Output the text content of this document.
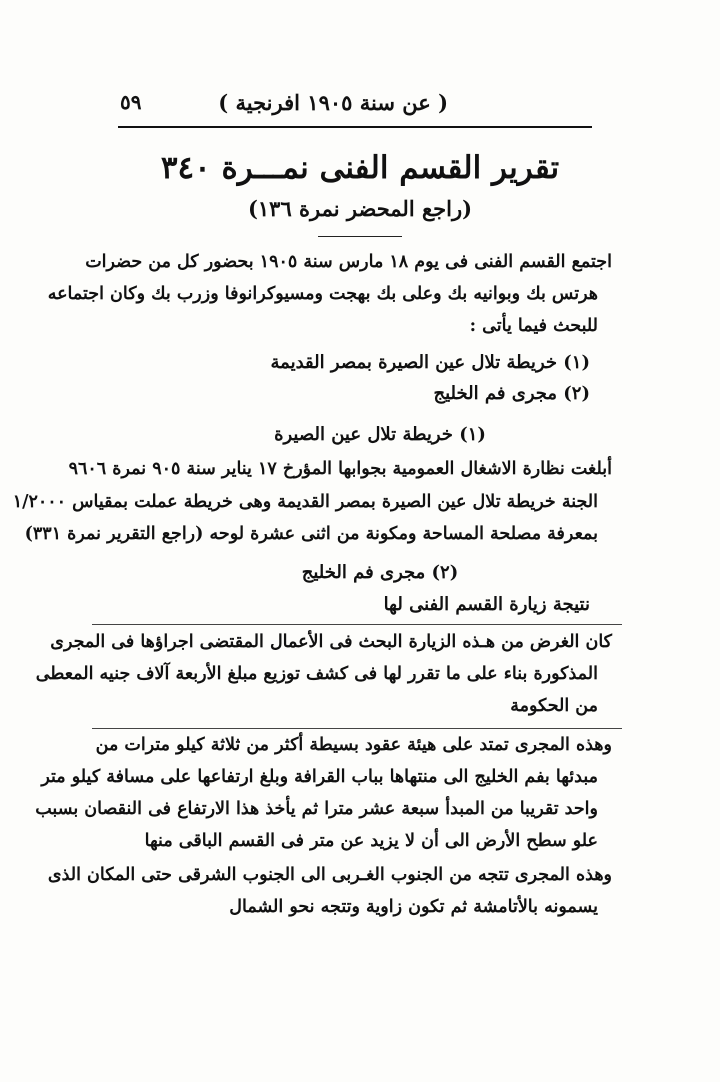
( عن سنة ١٩٠٥ افرنجية )
٥٩
تقرير القسم الفنى نمـــرة ٣٤٠
(راجع المحضر نمرة ١٣٦)
اجتمع القسم الفنى فى يوم ١٨ مارس سنة ١٩٠٥ بحضور كل من حضرات
هرتس بك وبوانيه بك وعلى بك بهجت ومسيوكرانوفا وزرب بك وكان اجتماعه
للبحث فيما يأتى :
(١) خريطة تلال عين الصيرة بمصر القديمة
(٢) مجرى فم الخليج
(١) خريطة تلال عين الصيرة
أبلغت نظارة الاشغال العمومية بجوابها المؤرخ ١٧ يناير سنة ٩٠٥ نمرة ٩٦٠٦
الجنة خريطة تلال عين الصيرة بمصر القديمة وهى خريطة عملت بمقياس ١/٢٠٠٠
بمعرفة مصلحة المساحة ومكونة من اثنى عشرة لوحه (راجع التقرير نمرة ٣٣١)
(٢) مجرى فم الخليج
نتيجة زيارة القسم الفنى لها
كان الغرض من هـذه الزيارة البحث فى الأعمال المقتضى اجراؤها فى المجرى
المذكورة بناء على ما تقرر لها فى كشف توزيع مبلغ الأربعة آلاف جنيه المعطى
من الحكومة
وهذه المجرى تمتد على هيئة عقود بسيطة أكثر من ثلاثة كيلو مترات من
مبدئها بفم الخليج الى منتهاها بباب القرافة وبلغ ارتفاعها على مسافة كيلو متر
واحد تقريبا من المبدأ سبعة عشر مترا ثم يأخذ هذا الارتفاع فى النقصان بسبب
علو سطح الأرض الى أن لا يزيد عن متر فى القسم الباقى منها
وهذه المجرى تتجه من الجنوب الغـربى الى الجنوب الشرقى حتى المكان الذى
يسمونه بالأتامشة ثم تكون زاوية وتتجه نحو الشمال
